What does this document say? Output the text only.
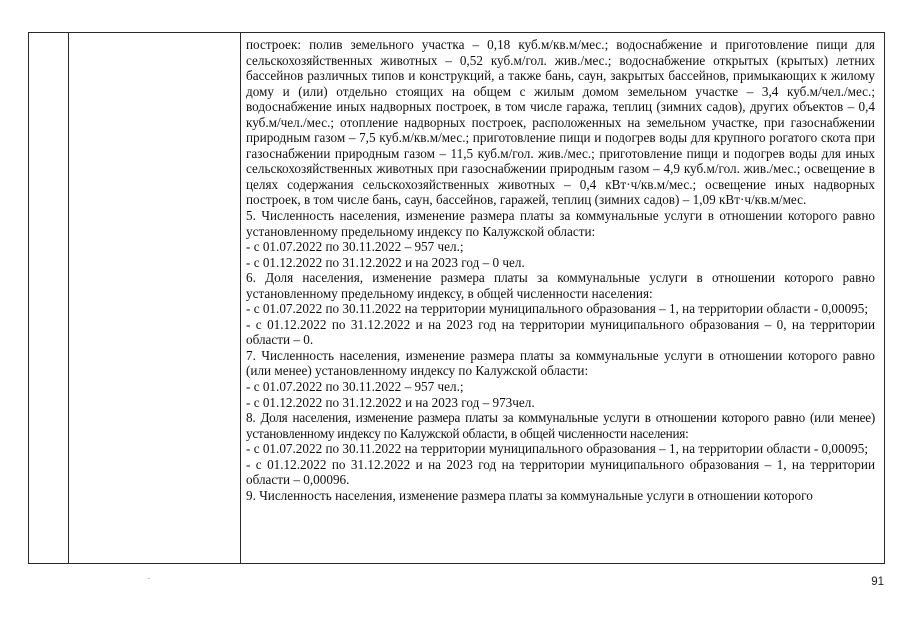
построек: полив земельного участка – 0,18 куб.м/кв.м/мес.; водоснабжение и приготовление пищи для сельскохозяйственных животных – 0,52 куб.м/гол. жив./мес.; водоснабжение открытых (крытых) летних бассейнов различных типов и конструкций, а также бань, саун, закрытых бассейнов, примыкающих к жилому дому и (или) отдельно стоящих на общем с жилым домом земельном участке – 3,4 куб.м/чел./мес.; водоснабжение иных надворных построек, в том числе гаража, теплиц (зимних садов), других объектов – 0,4 куб.м/чел./мес.; отопление надворных построек, расположенных на земельном участке, при газоснабжении природным газом – 7,5 куб.м/кв.м/мес.; приготовление пищи и подогрев воды для крупного рогатого скота при газоснабжении природным газом – 11,5 куб.м/гол. жив./мес.; приготовление пищи и подогрев воды для иных сельскохозяйственных животных при газоснабжении природным газом – 4,9 куб.м/гол. жив./мес.; освещение в целях содержания сельскохозяйственных животных – 0,4 кВт·ч/кв.м/мес.; освещение иных надворных построек, в том числе бань, саун, бассейнов, гаражей, теплиц (зимних садов) – 1,09 кВт·ч/кв.м/мес.

5. Численность населения, изменение размера платы за коммунальные услуги в отношении которого равно установленному предельному индексу по Калужской области:

- с 01.07.2022 по 30.11.2022 – 957 чел.;

- с 01.12.2022 по 31.12.2022 и на 2023 год – 0 чел.

6. Доля населения, изменение размера платы за коммунальные услуги в отношении которого равно установленному предельному индексу, в общей численности населения:

- с 01.07.2022 по 30.11.2022 на территории муниципального образования – 1, на территории области - 0,00095;

- с 01.12.2022 по 31.12.2022 и на 2023 год на территории муниципального образования – 0, на территории области – 0.

7. Численность населения, изменение размера платы за коммунальные услуги в отношении которого равно (или менее) установленному индексу по Калужской области:

- с 01.07.2022 по 30.11.2022 – 957 чел.;

- с 01.12.2022 по 31.12.2022 и на 2023 год – 973чел.

8. Доля населения, изменение размера платы за коммунальные услуги в отношении которого равно (или менее) установленному индексу по Калужской области, в общей численности населения:

- с 01.07.2022 по 30.11.2022 на территории муниципального образования – 1, на территории области - 0,00095;

- с 01.12.2022 по 31.12.2022 и на 2023 год на территории муниципального образования – 1, на территории области – 0,00096.

9. Численность населения, изменение размера платы за коммунальные услуги в отношении которого

91
